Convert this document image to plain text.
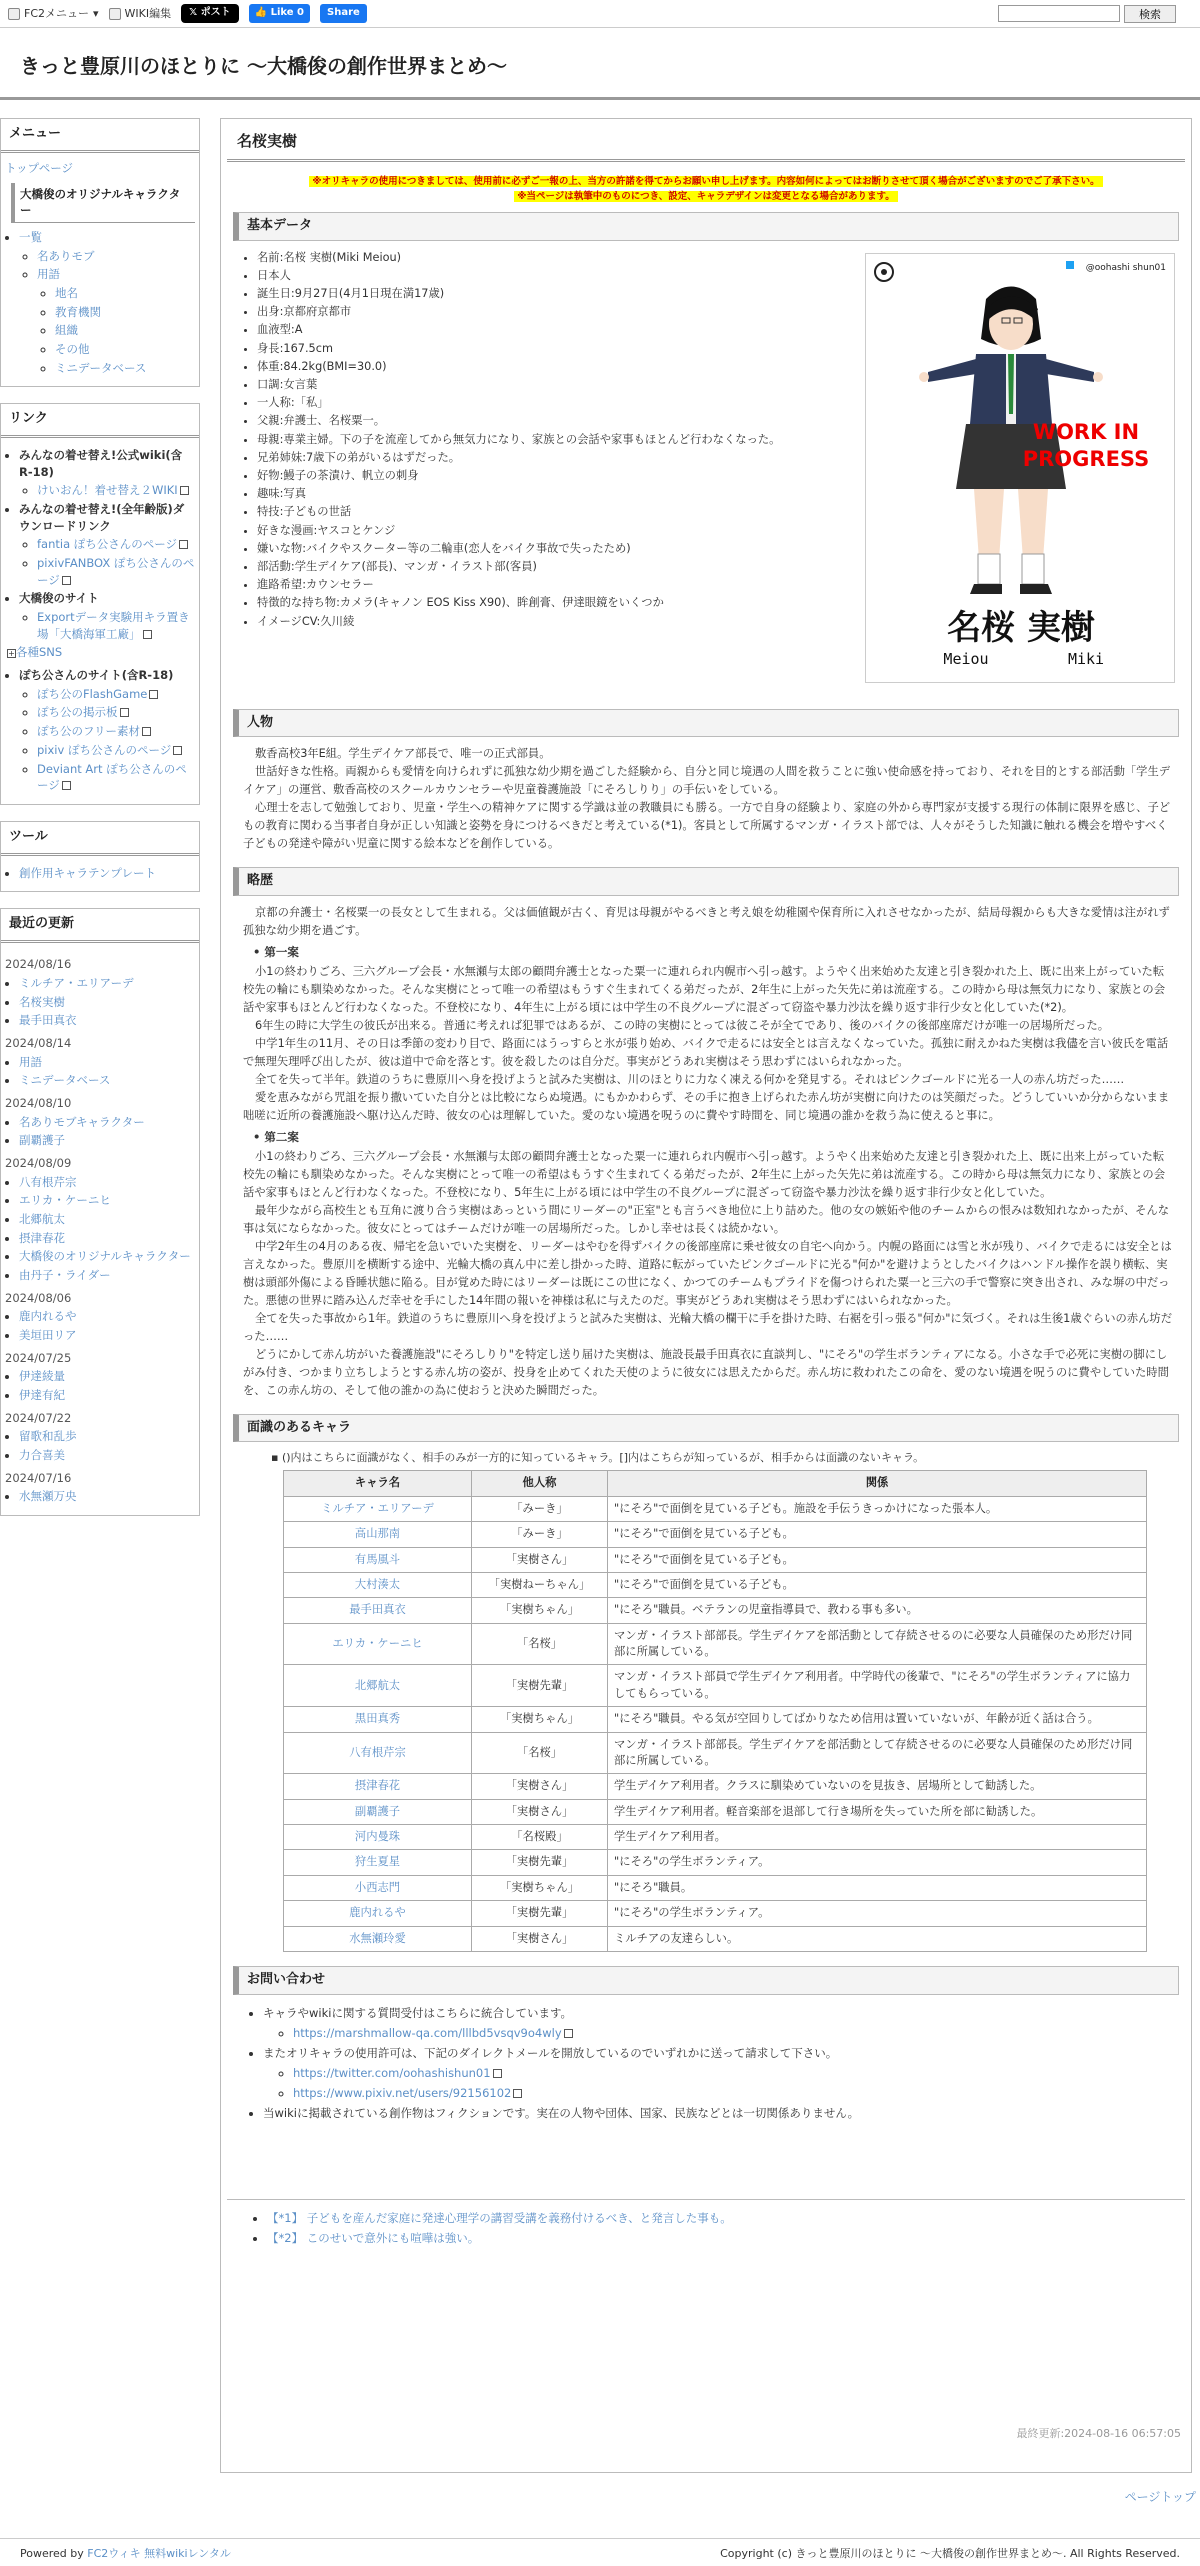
FC2メニュー ▾ WIKI編集	𝕏 ポスト	👍 Like 0	Share	検索
きっと豊原川のほとりに 〜大橋俊の創作世界まとめ〜
メニュー
トップページ
大橋俊のオリジナルキャラクター
• 一覧
◦ 名ありモブ
◦ 用語
◦ 地名
◦ 教育機関
◦ 組織
◦ その他
◦ ミニデータベース
リンク
• みんなの着せ替え!公式wiki(含R-18)
◦ けいおん！着せ替え２WIKI
• みんなの着せ替え!(全年齢版)ダウンロードリンク
◦ fantia ぽち公さんのページ
◦ pixivFANBOX ぽち公さんのページ
• 大橋俊のサイト
◦ Exportデータ実験用キラ置き場「大橋海軍工廠」
+各種SNS
• ぽち公さんのサイト(含R-18)
◦ ぽち公のFlashGame
◦ ぽち公の掲示板
◦ ぽち公のフリー素材
◦ pixiv ぽち公さんのページ
◦ Deviant Art ぽち公さんのページ
ツール
• 創作用キャラテンプレート
最近の更新
2024/08/16
• ミルチア・エリアーデ
• 名桜実樹
• 最手田真衣
2024/08/14
• 用語
• ミニデータベース
2024/08/10
• 名ありモブキャラクター
• 副覇護子
2024/08/09
• 八有根芹宗
• エリカ・ケーニヒ
• 北郷航太
• 摂津春花
• 大橋俊のオリジナルキャラクター
• 由丹子・ライダー
2024/08/06
• 鹿内れるや
• 美垣田リア
2024/07/25
• 伊達綾量
• 伊達有紀
2024/07/22
• 留歌和乱歩
• 力合喜美
2024/07/16
• 水無瀬万央
名桜実樹
※オリキャラの使用につきましては、使用前に必ずご一報の上、当方の許諾を得てからお願い申し上げます。内容如何によってはお断りさせて頂く場合がございますのでご了承下さい。
※当ページは執筆中のものにつき、設定、キャラデザインは変更となる場合があります。
基本データ
• 名前:名桜 実樹(Miki Meiou)
• 日本人
• 誕生日:9月27日(4月1日現在満17歳)
• 出身:京都府京都市
• 血液型:A
• 身長:167.5cm
• 体重:84.2kg(BMI=30.0)
• 口調:女言葉
• 一人称:「私」
• 父親:弁護士、名桜粟一。
• 母親:専業主婦。下の子を流産してから無気力になり、家族との会話や家事もほとんど行わなくなった。
• 兄弟姉妹:7歳下の弟がいるはずだった。
• 好物:鰻子の茶漬け、帆立の刺身
• 趣味:写真
• 特技:子どもの世話
• 好きな漫画:ヤスコとケンジ
• 嫌いな物:バイクやスクーター等の二輪車(恋人をバイク事故で失ったため)
• 部活動:学生デイケア(部長)、マンガ・イラスト部(客員)
• 進路希望:カウンセラー
• 特徴的な持ち物:カメラ(キャノン EOS Kiss X90)、眸創膏、伊達眼鏡をいくつか
• イメージCV:久川綾
@oohashi shun01
WORK IN
PROGRESS
名桜 実樹
Meiou	Miki
人物
敷香高校3年E組。学生デイケア部長で、唯一の正式部員。
世話好きな性格。両親からも愛情を向けられずに孤独な幼少期を過ごした経験から、自分と同じ境遇の人間を救うことに強い使命感を持っており、それを目的とする部活動「学生デイケア」の運営、敷香高校のスクールカウンセラーや児童養護施設「にそろしりり」の手伝いをしている。
心理士を志して勉強しており、児童・学生への精神ケアに関する学識は並の教職員にも勝る。一方で自身の経験より、家庭の外から専門家が支援する現行の体制に限界を感じ、子どもの教育に関わる当事者自身が正しい知識と姿勢を身につけるべきだと考えている(*1)。客員として所属するマンガ・イラスト部では、人々がそうした知識に触れる機会を増やすべく子どもの発達や障がい児童に関する絵本などを創作している。
略歴
京都の弁護士・名桜粟一の長女として生まれる。父は価値観が古く、育児は母親がやるべきと考え娘を幼稚園や保育所に入れさせなかったが、結局母親からも大きな愛情は注がれず孤独な幼少期を過ごす。
• 第一案
小1の終わりごろ、三六グループ会長・水無瀬与太郎の顧問弁護士となった粟一に連れられ内幌市へ引っ越す。ようやく出来始めた友達と引き裂かれた上、既に出来上がっていた転校先の輪にも馴染めなかった。そんな実樹にとって唯一の希望はもうすぐ生まれてくる弟だったが、2年生に上がった矢先に弟は流産する。この時から母は無気力になり、家族との会話や家事もほとんど行わなくなった。不登校になり、4年生に上がる頃には中学生の不良グループに混ざって窃盗や暴力沙汰を繰り返す非行少女と化していた(*2)。
6年生の時に大学生の彼氏が出来る。普通に考えれば犯罪ではあるが、この時の実樹にとっては彼こそが全てであり、後のバイクの後部座席だけが唯一の居場所だった。
中学1年生の11月、その日は季節の変わり目で、路面にはうっすらと氷が張り始め、バイクで走るには安全とは言えなくなっていた。孤独に耐えかねた実樹は我儘を言い彼氏を電話で無理矢理呼び出したが、彼は道中で命を落とす。彼を殺したのは自分だ。事実がどうあれ実樹はそう思わずにはいられなかった。
全てを失って半年。鉄道のうちに豊原川へ身を投げようと試みた実樹は、川のほとりに力なく凍える何かを発見する。それはピンクゴールドに光る一人の赤ん坊だった……
愛を恵みながら咒詛を振り撒いていた自分とは比較にならぬ境遇。にもかかわらず、その手に抱き上げられた赤ん坊が実樹に向けたのは笑顔だった。どうしていいか分からないまま咄嗟に近所の養護施設へ駆け込んだ時、彼女の心は理解していた。愛のない境遇を呪うのに費やす時間を、同じ境遇の誰かを救う為に使えると事に。
• 第二案
小1の終わりごろ、三六グループ会長・水無瀬与太郎の顧問弁護士となった粟一に連れられ内幌市へ引っ越す。ようやく出来始めた友達と引き裂かれた上、既に出来上がっていた転校先の輪にも馴染めなかった。そんな実樹にとって唯一の希望はもうすぐ生まれてくる弟だったが、2年生に上がった矢先に弟は流産する。この時から母は無気力になり、家族との会話や家事もほとんど行わなくなった。不登校になり、5年生に上がる頃には中学生の不良グループに混ざって窃盗や暴力沙汰を繰り返す非行少女と化していた。
最年少ながら高校生とも互角に渡り合う実樹はあっという間にリーダーの"正室"とも言うべき地位に上り詰めた。他の女の嫉妬や他のチームからの恨みは数知れなかったが、そんな事は気にならなかった。彼女にとってはチームだけが唯一の居場所だった。しかし幸せは長くは続かない。
中学2年生の4月のある夜、帰宅を急いでいた実樹を、リーダーはやむを得ずバイクの後部座席に乗せ彼女の自宅へ向かう。内幌の路面には雪と氷が残り、バイクで走るには安全とは言えなかった。豊原川を横断する途中、光輪大橋の真ん中に差し掛かった時、道路に転がっていたピンクゴールドに光る"何か"を避けようとしたバイクはハンドル操作を誤り横転、実樹は頭部外傷による昏睡状態に陥る。目が覚めた時にはリーダーは既にこの世になく、かつてのチームもプライドを傷つけられた粟一と三六の手で警察に突き出され、みな塀の中だった。悪徳の世界に踏み込んだ幸せを手にした14年間の報いを神様は私に与えたのだ。事実がどうあれ実樹はそう思わずにはいられなかった。
全てを失った事故から1年。鉄道のうちに豊原川へ身を投げようと試みた実樹は、光輪大橋の欄干に手を掛けた時、右裾を引っ張る"何か"に気づく。それは生後1歳ぐらいの赤ん坊だった……
どうにかして赤ん坊がいた養護施設"にそろしりり"を特定し送り届けた実樹は、施設長最手田真衣に直談判し、"にそろ"の学生ボランティアになる。小さな手で必死に実樹の脚にしがみ付き、つかまり立ちしようとする赤ん坊の姿が、投身を止めてくれた天使のように彼女には思えたからだ。赤ん坊に救われたこの命を、愛のない境遇を呪うのに費やしていた時間を、この赤ん坊の、そして他の誰かの為に使おうと決めた瞬間だった。
面識のあるキャラ
▪ ()内はこちらに面識がなく、相手のみが一方的に知っているキャラ。[]内はこちらが知っているが、相手からは面識のないキャラ。
キャラ名	他人称	関係
ミルチア・エリアーデ	「みーき」	"にそろ"で面倒を見ている子ども。施設を手伝うきっかけになった張本人。
高山那南	「みーき」	"にそろ"で面倒を見ている子ども。
有馬風斗	「実樹さん」	"にそろ"で面倒を見ている子ども。
大村湊太	「実樹ねーちゃん」	"にそろ"で面倒を見ている子ども。
最手田真衣	「実樹ちゃん」	"にそろ"職員。ベテランの児童指導員で、教わる事も多い。
エリカ・ケーニヒ	「名桜」	マンガ・イラスト部部長。学生デイケアを部活動として存続させるのに必要な人員確保のため形だけ同部に所属している。
北郷航太	「実樹先輩」	マンガ・イラスト部員で学生デイケア利用者。中学時代の後輩で、"にそろ"の学生ボランティアに協力してもらっている。
黒田真秀	「実樹ちゃん」	"にそろ"職員。やる気が空回りしてばかりなため信用は置いていないが、年齢が近く話は合う。
八有根芹宗	「名桜」	マンガ・イラスト部部長。学生デイケアを部活動として存続させるのに必要な人員確保のため形だけ同部に所属している。
摂津春花	「実樹さん」	学生デイケア利用者。クラスに馴染めていないのを見抜き、居場所として勧誘した。
副覇護子	「実樹さん」	学生デイケア利用者。軽音楽部を退部して行き場所を失っていた所を部に勧誘した。
河内曼珠	「名桜殿」	学生デイケア利用者。
狩生夏星	「実樹先輩」	"にそろ"の学生ボランティア。
小西志門	「実樹ちゃん」	"にそろ"職員。
鹿内れるや	「実樹先輩」	"にそろ"の学生ボランティア。
水無瀬玲愛	「実樹さん」	ミルチアの友達らしい。
お問い合わせ
• キャラやwikiに関する質問受付はこちらに統合しています。
◦ https://marshmallow-qa.com/lllbd5vsqv9o4wly
• またオリキャラの使用許可は、下記のダイレクトメールを開放しているのでいずれかに送って請求して下さい。
◦ https://twitter.com/oohashishun01
◦ https://www.pixiv.net/users/92156102
• 当wikiに掲載されている創作物はフィクションです。実在の人物や団体、国家、民族などとは一切関係ありません。
• 【*1】 子どもを産んだ家庭に発達心理学の講習受講を義務付けるべき、と発言した事も。
• 【*2】 このせいで意外にも喧嘩は強い。
最終更新:2024-08-16 06:57:05
ページトップ
Powered by FC2ウィキ 無料wikiレンタル	Copyright (c) きっと豊原川のほとりに 〜大橋俊の創作世界まとめ〜. All Rights Reserved.
